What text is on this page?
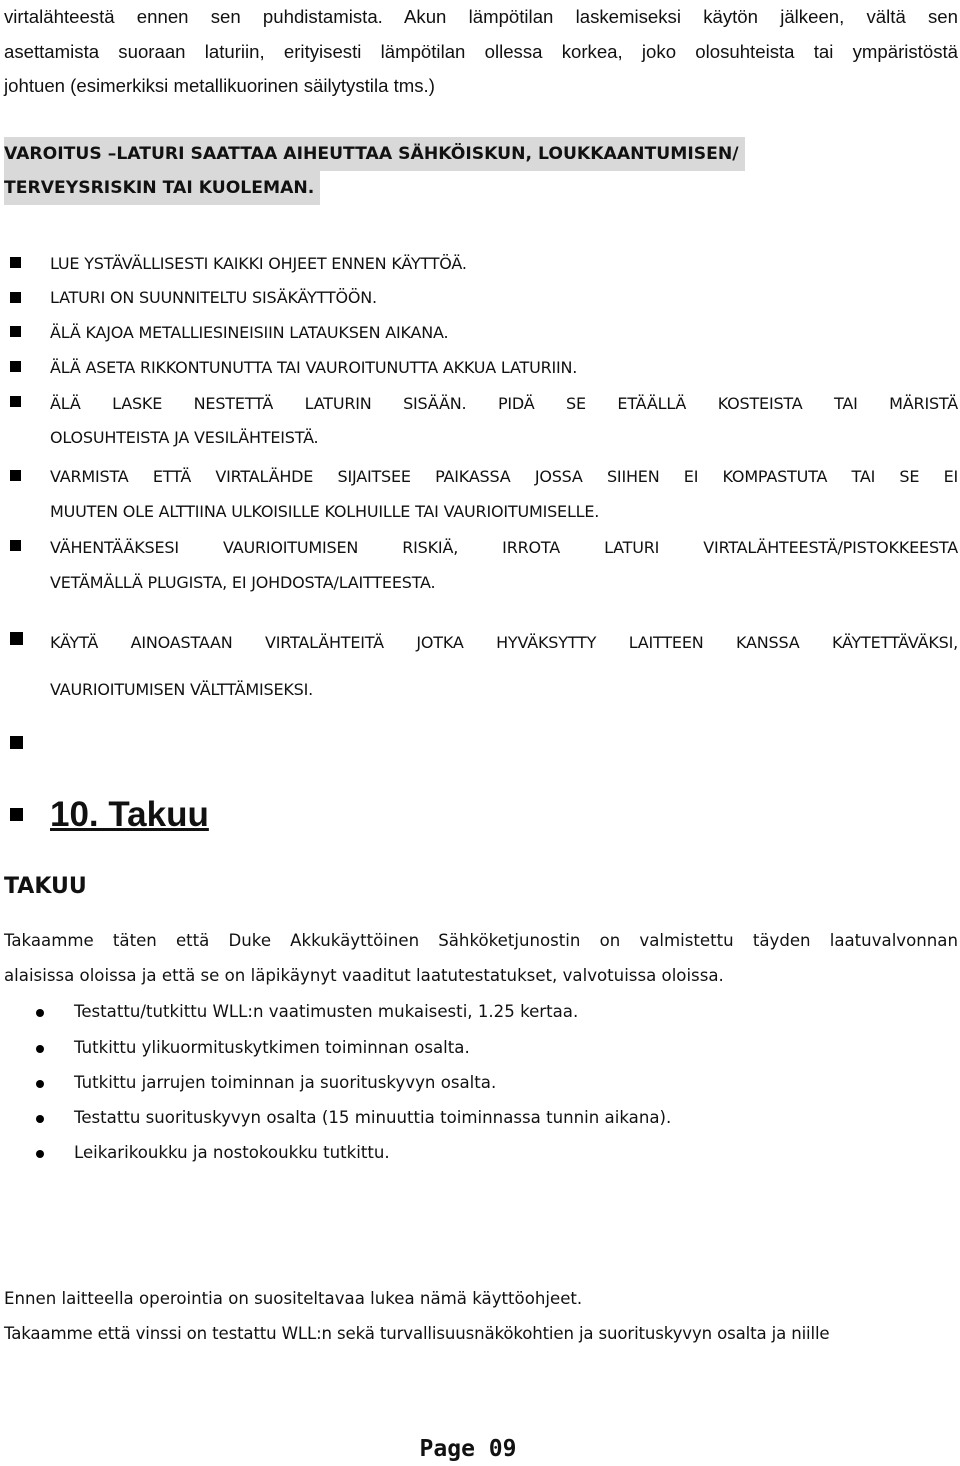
virtalähteestä ennen sen puhdistamista. Akun lämpötilan laskemiseksi käytön jälkeen, vältä sen

asettamista suoraan laturiin, erityisesti lämpötilan ollessa korkea, joko olosuhteista tai ympäristöstä

johtuen (esimerkiksi metallikuorinen säilytystila tms.)

VAROITUS –LATURI SAATTAA AIHEUTTAA SÄHKÖISKUN, LOUKKAANTUMISEN/
TERVEYSRISKIN TAI KUOLEMAN.
LUE YSTÄVÄLLISESTI KAIKKI OHJEET ENNEN KÄYTTÖÄ.
LATURI ON SUUNNITELTU SISÄKÄYTTÖÖN.
ÄLÄ KAJOA METALLIESINEISIIN LATAUKSEN AIKANA.
ÄLÄ ASETA RIKKONTUNUTTA TAI VAUROITUNUTTA AKKUA LATURIIN.
ÄLÄ LASKE NESTETTÄ LATURIN SISÄÄN. PIDÄ SE ETÄÄLLÄ KOSTEISTA TAI MÄRISTÄ
OLOSUHTEISTA JA VESILÄHTEISTÄ.
VARMISTA ETTÄ VIRTALÄHDE SIJAITSEE PAIKASSA JOSSA SIIHEN EI KOMPASTUTA TAI SE EI
MUUTEN OLE ALTTIINA ULKOISILLE KOLHUILLE TAI VAURIOITUMISELLE.
VÄHENTÄÄKSESI VAURIOITUMISEN RISKIÄ, IRROTA LATURI VIRTALÄHTEESTÄ/PISTOKKEESTA
VETÄMÄLLÄ PLUGISTA, EI JOHDOSTA/LAITTEESTA.
KÄYTÄ AINOASTAAN VIRTALÄHTEITÄ JOTKA HYVÄKSYTTY LAITTEEN KANSSA KÄYTETTÄVÄKSI,
VAURIOITUMISEN VÄLTTÄMISEKSI.
10. Takuu
TAKUU

Takaamme täten että Duke Akkukäyttöinen Sähköketjunostin on valmistettu täyden laatuvalvonnan

alaisissa oloissa ja että se on läpikäynyt vaaditut laatutestatukset, valvotuissa oloissa.

Testattu/tutkittu WLL:n vaatimusten mukaisesti, 1.25 kertaa.
Tutkittu ylikuormituskytkimen toiminnan osalta.
Tutkittu jarrujen toiminnan ja suorituskyvyn osalta.
Testattu suorituskyvyn osalta (15 minuuttia toiminnassa tunnin aikana).
Leikarikoukku ja nostokoukku tutkittu.

Ennen laitteella operointia on suositeltavaa lukea nämä käyttöohjeet.

Takaamme että vinssi on testattu WLL:n sekä turvallisuusnäkökohtien ja suorituskyvyn osalta ja niille

Page 09
